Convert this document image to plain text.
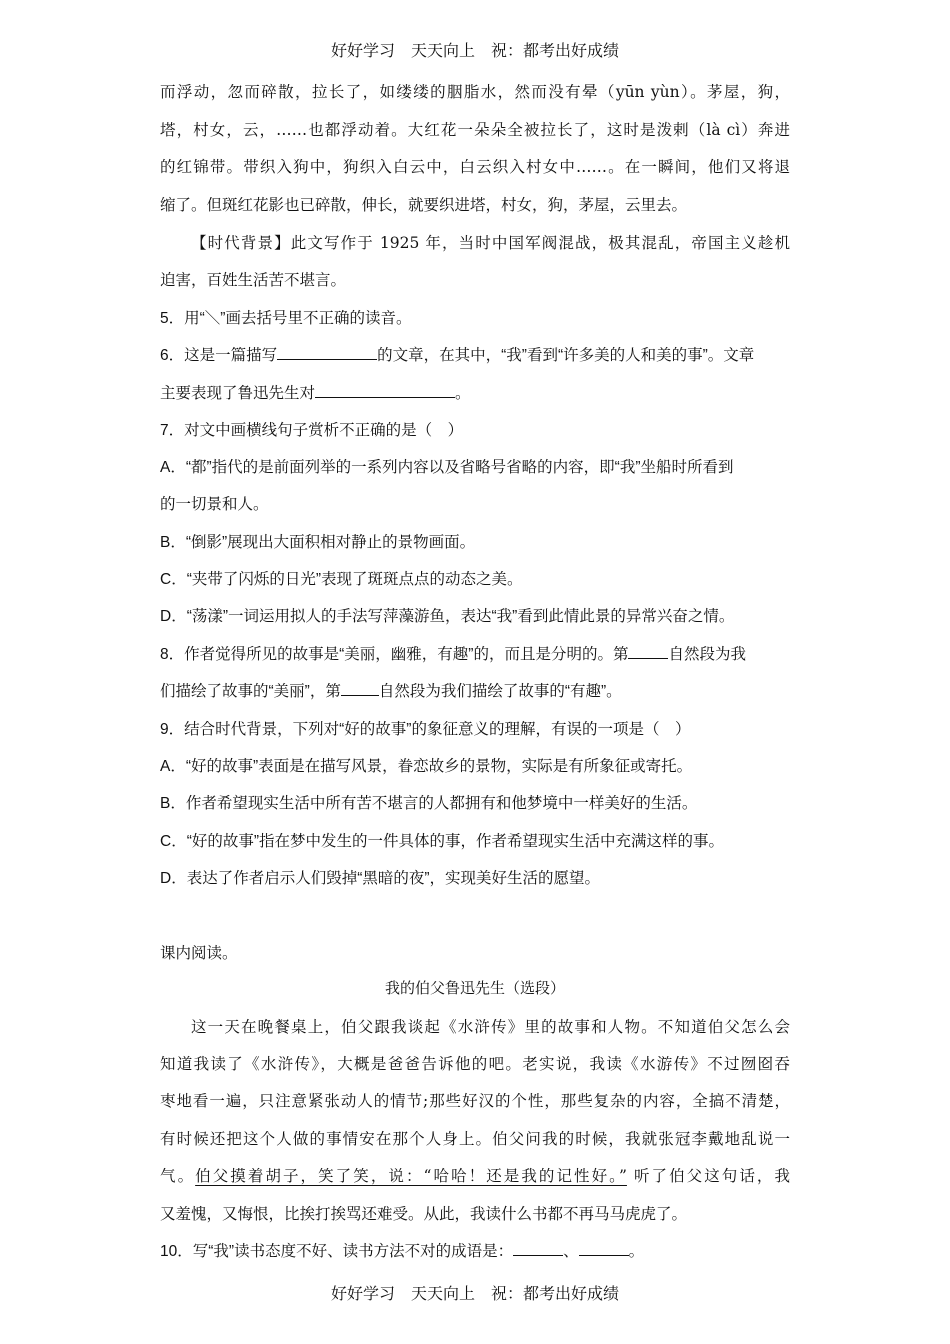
好好学习　天天向上　祝：都考出好成绩
而浮动，忽而碎散，拉长了，如缕缕的胭脂水，然而没有晕（yūn yùn）。茅屋，狗，
塔，村女，云，……也都浮动着。大红花一朵朵全被拉长了，这时是泼剌（là cì）奔进
的红锦带。带织入狗中，狗织入白云中，白云织入村女中……。在一瞬间，他们又将退
缩了。但斑红花影也已碎散，伸长，就要织进塔，村女，狗，茅屋，云里去。
【时代背景】此文写作于 1925 年，当时中国军阀混战，极其混乱，帝国主义趁机
迫害，百姓生活苦不堪言。
5．用“＼”画去括号里不正确的读音。
6．这是一篇描写	的文章，在其中，“我”看到“许多美的人和美的事”。文章
主要表现了鲁迅先生对	。
7．对文中画横线句子赏析不正确的是（　）
A．“都”指代的是前面列举的一系列内容以及省略号省略的内容，即“我”坐船时所看到
的一切景和人。
B．“倒影”展现出大面积相对静止的景物画面。
C．“夹带了闪烁的日光”表现了斑斑点点的动态之美。
D．“荡漾”一词运用拟人的手法写萍藻游鱼，表达“我”看到此情此景的异常兴奋之情。
8．作者觉得所见的故事是“美丽，幽雅，有趣”的，而且是分明的。第	自然段为我
们描绘了故事的“美丽”，第 自然段为我们描绘了故事的“有趣”。
9．结合时代背景，下列对“好的故事”的象征意义的理解，有误的一项是（　）
A．“好的故事”表面是在描写风景，眷恋故乡的景物，实际是有所象征或寄托。
B．作者希望现实生活中所有苦不堪言的人都拥有和他梦境中一样美好的生活。
C．“好的故事”指在梦中发生的一件具体的事，作者希望现实生活中充满这样的事。
D．表达了作者启示人们毁掉“黑暗的夜”，实现美好生活的愿望。
课内阅读。
我的伯父鲁迅先生（选段）
这一天在晚餐桌上，伯父跟我谈起《水浒传》里的故事和人物。不知道伯父怎么会
知道我读了《水浒传》，大概是爸爸告诉他的吧。老实说，我读《水游传》不过囫囵吞
枣地看一遍，只注意紧张动人的情节;那些好汉的个性，那些复杂的内容，全搞不清楚，
有时候还把这个人做的事情安在那个人身上。伯父问我的时候，我就张冠李戴地乱说一
气。伯父摸着胡子，笑了笑，说：“哈哈！还是我的记性好。” 听了伯父这句话，我
又羞愧，又悔恨，比挨打挨骂还难受。从此，我读什么书都不再马马虎虎了。
10．写“我”读书态度不好、读书方法不对的成语是：	、	。
好好学习　天天向上　祝：都考出好成绩
